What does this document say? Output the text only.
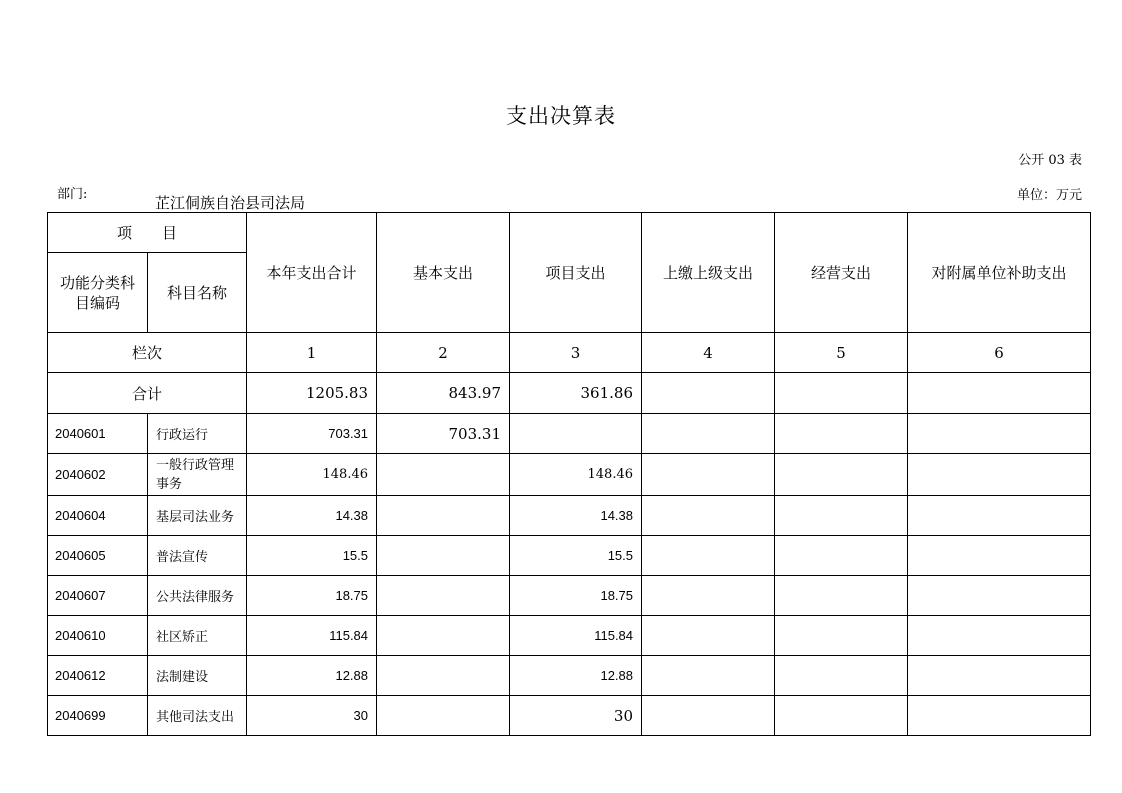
支出决算表
公开 03 表
部门:	芷江侗族自治县司法局	单位：万元
项　　目		本年支出合计	基本支出	项目支出	上缴上级支出	经营支出	对附属单位补助支出
功能分类科目编码	科目名称						
栏次		1	2	3	4	5	6
合计		1205.83	843.97	361.86			
2040601	行政运行	703.31	703.31				
2040602	一般行政管理事务	148.46		148.46			
2040604	基层司法业务	14.38		14.38			
2040605	普法宣传	15.5		15.5			
2040607	公共法律服务	18.75		18.75			
2040610	社区矫正	115.84		115.84			
2040612	法制建设	12.88		12.88			
2040699	其他司法支出	30		30			
